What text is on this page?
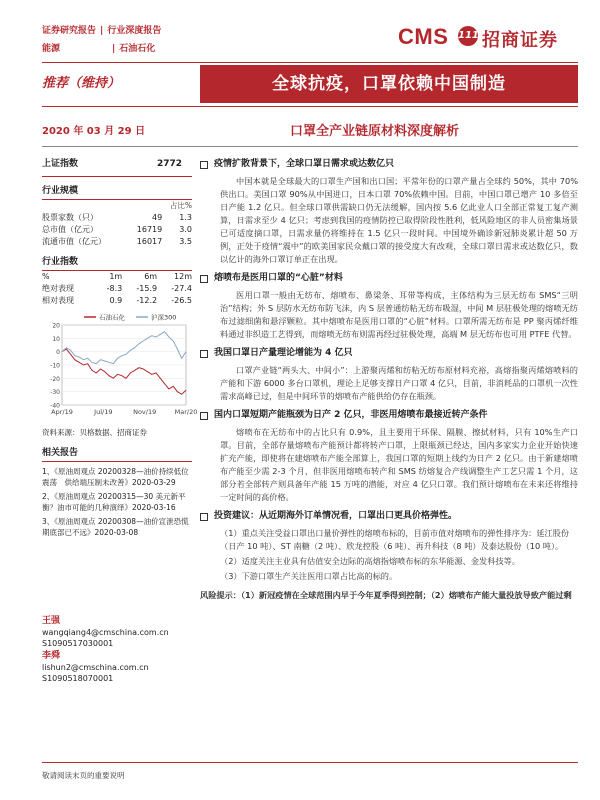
证券研究报告 | 行业深度报告
能源	| 石油石化	CMS 111 招商证券
推荐（维持）	全球抗疫，口罩依赖中国制造
2020 年 03 月 29 日	口罩全产业链原材料深度解析
上证指数	2772
行业规模
		占比%
股票家数（只）	49	1.3
总市值（亿元）	16719	3.0
流通市值（亿元）	16017	3.5
行业指数
%	1m	6m	12m
绝对表现	-8.3	-15.9	-27.4
相对表现	0.9	-12.2	-26.5
20
10
0
-10
-20
-30
-40
Apr/19	Jul/19	Nov/19	Mar/20
石油石化	沪深300
资料来源：贝格数据、招商证券
相关报告
1、《原油周观点 20200328—油价持续低位震荡　供给端压制未改善》2020-03-29
2、《原油周观点 20200315—30 美元新平衡？油市可能的几种演绎》2020-03-16
3、《原油周观点 20200308—油价宣泄恐慌期底部已不远》2020-03-08
王强
wangqiang4@cmschina.com.cn
S1090517030001
李舜
lishun2@cmschina.com.cn
S1090518070001
疫情扩散背景下，全球口罩日需求或达数亿只

中国本就是全球最大的口罩生产国和出口国；平常年份的口罩产量占全球约 50%，其中 70%供出口。美国口罩 90%从中国进口，日本口罩 70%依赖中国。目前，中国口罩已增产 10 多倍至日产能 1.2 亿只。但全球口罩供需缺口仍无法缓解，国内按 5.6 亿此业人口全部正常复工复产测算，日需求至少 4 亿只；考虑到我国的疫情防控已取得阶段性胜利，低风险地区的非人员密集场景已可适度摘口罩，日需求量仍将维持在 1.5 亿只一段时间。中国境外确诊新冠肺炎累计超 50 万例，正处于疫情“震中”的欧美国家民众戴口罩的接受度大有改观，全球口罩日需求或达数亿只，数以亿计的海外口罩订单正在出现。

熔喷布是医用口罩的“心脏”材料

医用口罩一般由无纺布、熔喷布、鼻梁条、耳带等构成，主体结构为三层无纺布 SMS“三明治”结构；外 S 层防水无纺布防飞沫，内 S 层普通纺粘无纺布吸湿，中间 M 层驻极处理的熔喷无纺布过滤细菌和悬浮颗粒。其中熔喷布是医用口罩的“心脏”材料。口罩所需无纺布是 PP 聚丙烯纤维料通过非织造工艺得到，而熔喷无纺布则需再经过驻极处理，高端 M 层无纺布也可用 PTFE 代替。

我国口罩日产量理论增能为 4 亿只

口罩产业链“两头大、中间小”：上游聚丙烯和纺粘无纺布原材料充裕，高熔指聚丙烯熔喷料的产能和下游 6000 多台口罩机，理论上足够支撑日产口罩 4 亿只，目前，非消耗品的口罩机一次性需求高峰已过，但是中间环节的熔喷布产能供给仍存在瓶颈。

国内口罩短期产能瓶颈为日产 2 亿只，非医用熔喷布最接近转产条件

熔喷布在无纺布中的占比只有 0.9%，且主要用于环保、隔膜、擦拭材料，只有 10%生产口罩。目前，全部存量熔喷布产能预计都将转产口罩，上限瓶颈已经达，国内多家实力企业开始快速扩充产能，即使将在建熔喷布产能全部算上，我国口罩的短期上线约为日产 2 亿只。由于新建熔喷布产能至少需 2-3 个月，但非医用熔喷布转产和 SMS 纺熔复合产线调整生产工艺只需 1 个月，这部分若全部转产则具备年产能 15 万吨的潜能，对应 4 亿只口罩。我们预计熔喷布在未来还将维持一定时间的高价格。

投资建议：从近期海外订单情况看，口罩出口更具价格弹性。

（1）重点关注受益口罩出口量价弹性的熔喷布标的，目前市值对熔喷布的弹性排序为：延江股份（日产 10 吨）、ST 南糖（2 吨）、欣龙控股（6 吨）、再升科技（8 吨）及泰达股份（10 吨）。

（2）适度关注主业具有估值安全边际的高熔指熔喷布标的东华能源、金发科技等。

（3）下游口罩生产关注医用口罩占比高的标的。

风险提示：（1）新冠疫情在全球范围内早于今年夏季得到控制；（2）熔喷布产能大量投放导致产能过剩

敬请阅读末页的重要说明
